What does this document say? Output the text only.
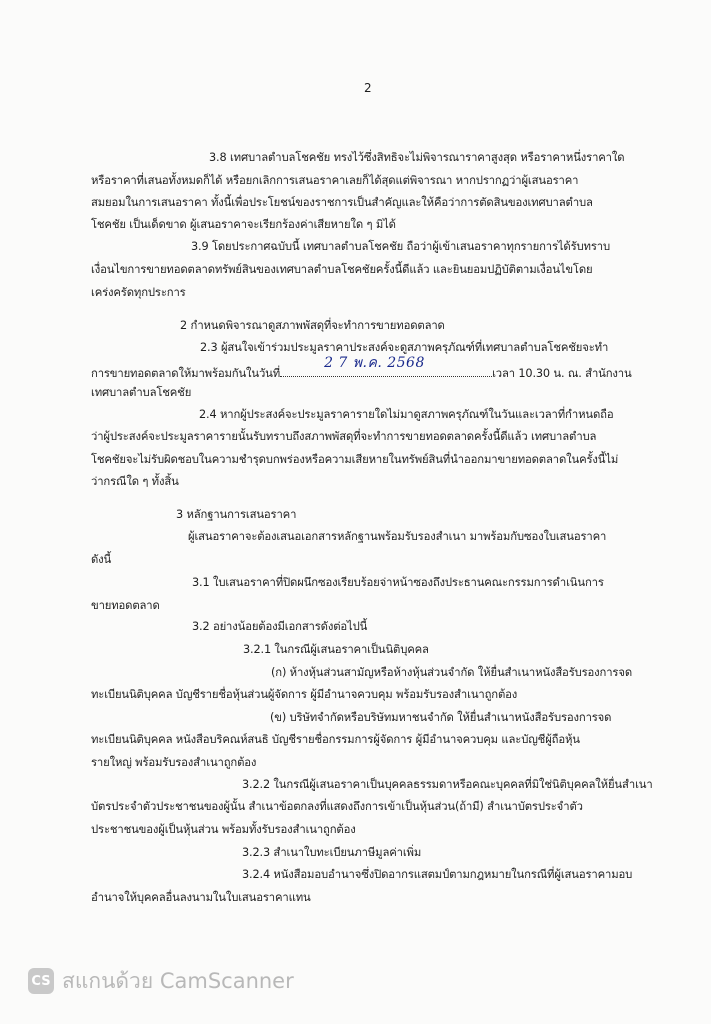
2
3.8 เทศบาลตำบลโชคชัย ทรงไว้ซึ่งสิทธิจะไม่พิจารณาราคาสูงสุด หรือราคาหนึ่งราคาใด
หรือราคาที่เสนอทั้งหมดก็ได้ หรือยกเลิกการเสนอราคาเลยก็ได้สุดแต่พิจารณา หากปรากฏว่าผู้เสนอราคา
สมยอมในการเสนอราคา ทั้งนี้เพื่อประโยชน์ของราชการเป็นสำคัญและให้คือว่าการตัดสินของเทศบาลตำบล
โชคชัย เป็นเด็ดขาด ผู้เสนอราคาจะเรียกร้องค่าเสียหายใด ๆ มิได้
3.9 โดยประกาศฉบับนี้ เทศบาลตำบลโชคชัย ถือว่าผู้เข้าเสนอราคาทุกรายการได้รับทราบ
เงื่อนไขการขายทอดตลาดทรัพย์สินของเทศบาลตำบลโชคชัยครั้งนี้ดีแล้ว และยินยอมปฏิบัติตามเงื่อนไขโดย
เคร่งครัดทุกประการ
2 กำหนดพิจารณาดูสภาพพัสดุที่จะทำการขายทอดตลาด
2.3 ผู้สนใจเข้าร่วมประมูลราคาประสงค์จะดูสภาพครุภัณฑ์ที่เทศบาลตำบลโชคชัยจะทำ
การขายทอดตลาดให้มาพร้อมกันในวันที่
2 7 พ.ค. 2568
เวลา 10.30 น. ณ. สำนักงาน
เทศบาลตำบลโชคชัย
2.4 หากผู้ประสงค์จะประมูลราคารายใดไม่มาดูสภาพครุภัณฑ์ในวันและเวลาที่กำหนดถือ
ว่าผู้ประสงค์จะประมูลราคารายนั้นรับทราบถึงสภาพพัสดุที่จะทำการขายทอดตลาดครั้งนี้ดีแล้ว เทศบาลตำบล
โชคชัยจะไม่รับผิดชอบในความชำรุดบกพร่องหรือความเสียหายในทรัพย์สินที่นำออกมาขายทอดตลาดในครั้งนี้ไม่
ว่ากรณีใด ๆ ทั้งสิ้น
3 หลักฐานการเสนอราคา
ผู้เสนอราคาจะต้องเสนอเอกสารหลักฐานพร้อมรับรองสำเนา มาพร้อมกับซองใบเสนอราคา
ดังนี้
3.1 ใบเสนอราคาที่ปิดผนึกซองเรียบร้อยจ่าหน้าซองถึงประธานคณะกรรมการดำเนินการ
ขายทอดตลาด
3.2 อย่างน้อยต้องมีเอกสารดังต่อไปนี้
3.2.1 ในกรณีผู้เสนอราคาเป็นนิติบุคคล
(ก) ห้างหุ้นส่วนสามัญหรือห้างหุ้นส่วนจำกัด ให้ยื่นสำเนาหนังสือรับรองการจด
ทะเบียนนิติบุคคล บัญชีรายชื่อหุ้นส่วนผู้จัดการ ผู้มีอำนาจควบคุม พร้อมรับรองสำเนาถูกต้อง
(ข) บริษัทจำกัดหรือบริษัทมหาชนจำกัด ให้ยื่นสำเนาหนังสือรับรองการจด
ทะเบียนนิติบุคคล หนังสือบริคณห์สนธิ บัญชีรายชื่อกรรมการผู้จัดการ ผู้มีอำนาจควบคุม และบัญชีผู้ถือหุ้น
รายใหญ่ พร้อมรับรองสำเนาถูกต้อง
3.2.2 ในกรณีผู้เสนอราคาเป็นบุคคลธรรมดาหรือคณะบุคคลที่มิใช่นิติบุคคลให้ยื่นสำเนา
บัตรประจำตัวประชาชนของผู้นั้น สำเนาข้อตกลงที่แสดงถึงการเข้าเป็นหุ้นส่วน(ถ้ามี) สำเนาบัตรประจำตัว
ประชาชนของผู้เป็นหุ้นส่วน พร้อมทั้งรับรองสำเนาถูกต้อง
3.2.3 สำเนาใบทะเบียนภาษีมูลค่าเพิ่ม
3.2.4 หนังสือมอบอำนาจซึ่งปิดอากรแสตมป์ตามกฎหมายในกรณีที่ผู้เสนอราคามอบ
อำนาจให้บุคคลอื่นลงนามในใบเสนอราคาแทน
CS สแกนด้วย CamScanner
